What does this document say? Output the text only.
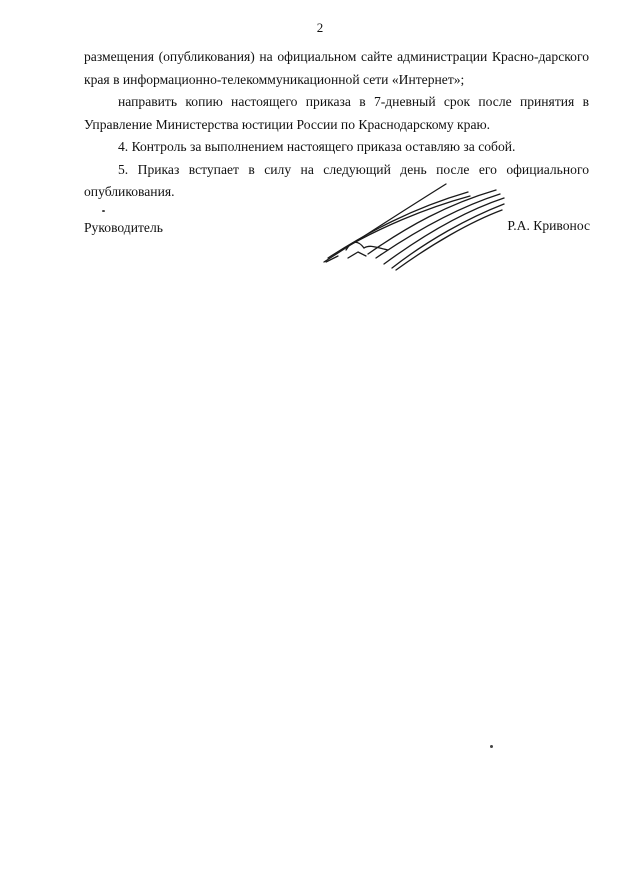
2

размещения (опубликования) на официальном сайте администрации Красно-дарского края в информационно-телекоммуникационной сети «Интернет»;

направить копию настоящего приказа в 7-дневный срок после принятия в Управление Министерства юстиции России по Краснодарскому краю.

4. Контроль за выполнением настоящего приказа оставляю за собой.

5. Приказ вступает в силу на следующий день после его официального опубликования.

Руководитель	Р.А. Кривонос
